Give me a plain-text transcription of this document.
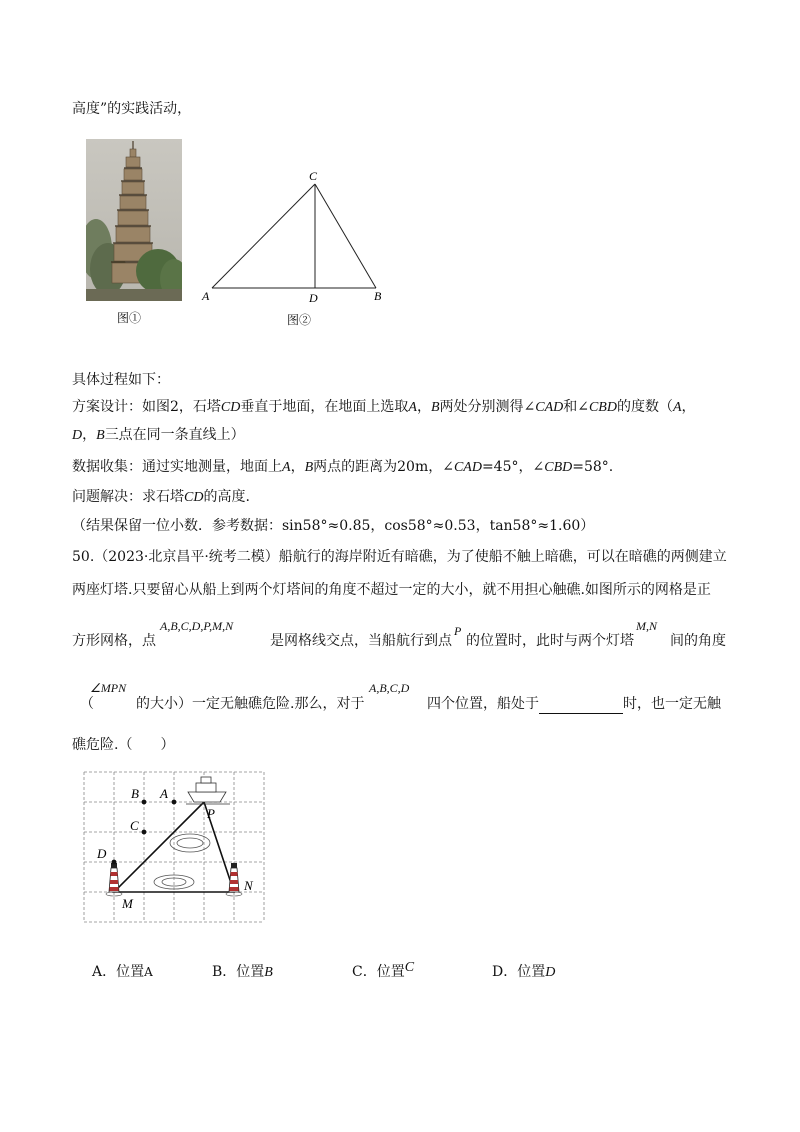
高度”的实践活动，
图①
C
A	D	B
图②
具体过程如下：
方案设计：如图2，石塔CD垂直于地面，在地面上选取A，B两处分别测得∠CAD和∠CBD的度数（A，
D，B三点在同一条直线上）
数据收集：通过实地测量，地面上A，B两点的距离为20m，∠CAD=45°，∠CBD=58°.
问题解决：求石塔CD的高度.
（结果保留一位小数．参考数据：sin58°≈0.85，cos58°≈0.53，tan58°≈1.60）
50.（2023·北京昌平·统考二模）船航行的海岸附近有暗礁，为了使船不触上暗礁，可以在暗礁的两侧建立
两座灯塔.只要留心从船上到两个灯塔间的角度不超过一定的大小，就不用担心触礁.如图所示的网格是正
方形网格，点
A,B,C,D,P,M,N
是网格线交点，当船航行到点
P
的位置时，此时与两个灯塔
M,N
间的角度
（
∠MPN
的大小）一定无触礁危险.那么，对于
A,B,C,D
四个位置，船处于	时，也一定无触
礁危险.（　　）
B A
C
D
P
M
N
A．位置A	B．位置B	C．位置C	D．位置D
